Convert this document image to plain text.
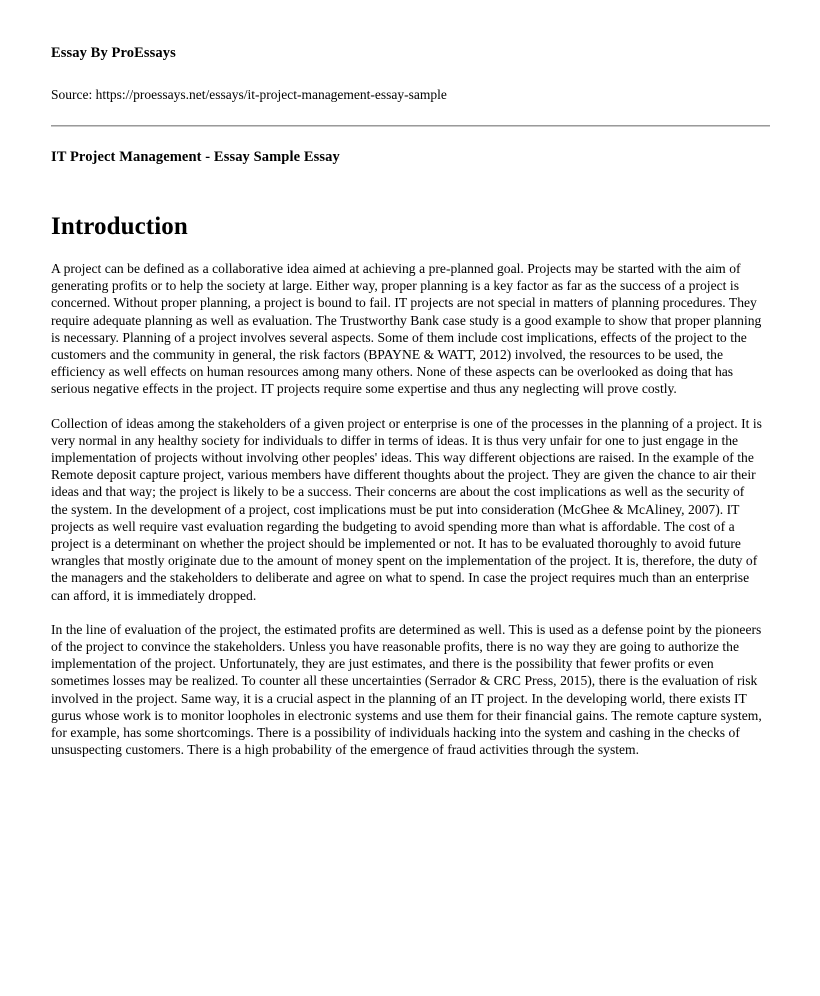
Essay By ProEssays
Source: https://proessays.net/essays/it-project-management-essay-sample
IT Project Management - Essay Sample Essay
Introduction

A project can be defined as a collaborative idea aimed at achieving a pre-planned goal. Projects may be started with the aim of generating profits or to help the society at large. Either way, proper planning is a key factor as far as the success of a project is concerned. Without proper planning, a project is bound to fail. IT projects are not special in matters of planning procedures. They require adequate planning as well as evaluation. The Trustworthy Bank case study is a good example to show that proper planning is necessary. Planning of a project involves several aspects. Some of them include cost implications, effects of the project to the customers and the community in general, the risk factors (BPAYNE & WATT, 2012) involved, the resources to be used, the efficiency as well effects on human resources among many others. None of these aspects can be overlooked as doing that has serious negative effects in the project. IT projects require some expertise and thus any neglecting will prove costly.

Collection of ideas among the stakeholders of a given project or enterprise is one of the processes in the planning of a project. It is very normal in any healthy society for individuals to differ in terms of ideas. It is thus very unfair for one to just engage in the implementation of projects without involving other peoples' ideas. This way different objections are raised. In the example of the Remote deposit capture project, various members have different thoughts about the project. They are given the chance to air their ideas and that way; the project is likely to be a success. Their concerns are about the cost implications as well as the security of the system. In the development of a project, cost implications must be put into consideration (McGhee & McAliney, 2007). IT projects as well require vast evaluation regarding the budgeting to avoid spending more than what is affordable. The cost of a project is a determinant on whether the project should be implemented or not. It has to be evaluated thoroughly to avoid future wrangles that mostly originate due to the amount of money spent on the implementation of the project. It is, therefore, the duty of the managers and the stakeholders to deliberate and agree on what to spend. In case the project requires much than an enterprise can afford, it is immediately dropped.

In the line of evaluation of the project, the estimated profits are determined as well. This is used as a defense point by the pioneers of the project to convince the stakeholders. Unless you have reasonable profits, there is no way they are going to authorize the implementation of the project. Unfortunately, they are just estimates, and there is the possibility that fewer profits or even sometimes losses may be realized. To counter all these uncertainties (Serrador & CRC Press, 2015), there is the evaluation of risk involved in the project. Same way, it is a crucial aspect in the planning of an IT project. In the developing world, there exists IT gurus whose work is to monitor loopholes in electronic systems and use them for their financial gains. The remote capture system, for example, has some shortcomings. There is a possibility of individuals hacking into the system and cashing in the checks of unsuspecting customers. There is a high probability of the emergence of fraud activities through the system.
